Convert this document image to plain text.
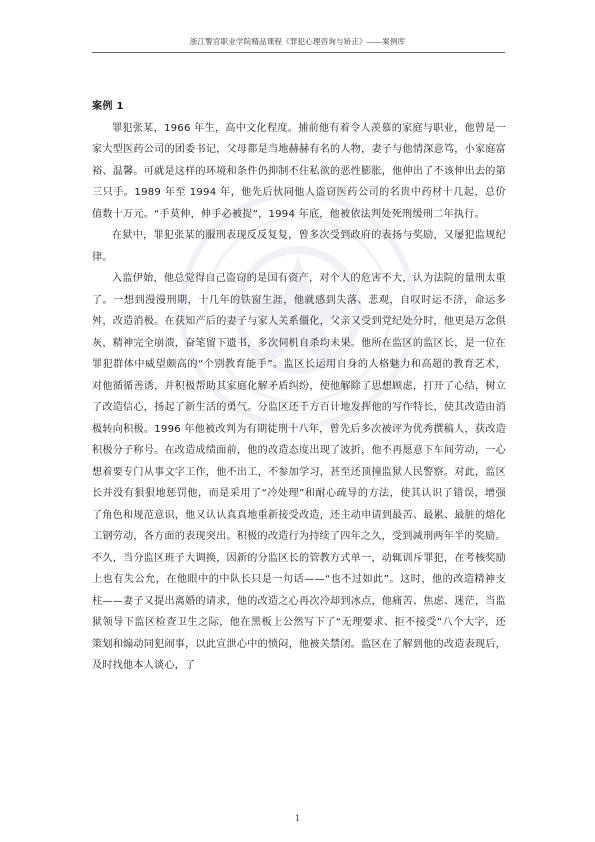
浙江警官职业学院精品课程《罪犯心理咨询与矫正》――案例库

案例 1

罪犯张某，1966 年生，高中文化程度。捕前他有着令人羡慕的家庭与职业，他曾是一家大型医药公司的团委书记，父母都是当地赫赫有名的人物，妻子与他情深意笃，小家庭富裕、温馨。可就是这样的环境和条件仍抑制不住私欲的恶性膨胀，他伸出了不该伸出去的第三只手。1989 年至 1994 年，他先后伙同他人盗窃医药公司的名贵中药材十几起，总价值数十万元。“手莫伸，伸手必被捉”，1994 年底，他被依法判处死刑缓刑二年执行。

在狱中，罪犯张某的服刑表现反反复复，曾多次受到政府的表扬与奖励，又屡犯监规纪律。

入监伊始，他总觉得自己盗窃的是国有资产，对个人的危害不大，认为法院的量刑太重了。一想到漫漫刑期，十几年的铁窗生涯，他就感到失落、悲观，自叹时运不济，命运多舛，改造消极。在获知产后的妻子与家人关系僵化，父亲又受到党纪处分时，他更是万念俱灰，精神完全崩溃，奋笔留下遗书，多次伺机自杀均未果。他所在监区的监区长，是一位在罪犯群体中威望颇高的“个别教育能手”。监区长运用自身的人格魅力和高超的教育艺术，对他循循善诱，并积极帮助其家庭化解矛盾纠纷，使他解除了思想顾虑，打开了心结，树立了改造信心，扬起了新生活的勇气。分监区还千方百计地发挥他的写作特长，使其改造由消极转向积极。1996 年他被改判为有期徒刑十八年，曾先后多次被评为优秀撰稿人，获改造积极分子称号。在改造成绩面前，他的改造态度出现了波折，他不再愿意下车间劳动，一心想着要专门从事文字工作，他不出工，不参加学习，甚至还顶撞监狱人民警察。对此，监区长并没有狠狠地惩罚他，而是采用了“冷处理”和耐心疏导的方法，使其认识了错误，增强了角色和规范意识，他又认认真真地重新接受改造，还主动申请到最苦、最累、最脏的熔化工钢劳动，各方面的表现突出。积极的改造行为持续了四年之久，受到减刑两年半的奖励。

不久，当分监区班子大调换，因新的分监区长的管教方式单一，动辄训斥罪犯，在考核奖励上也有失公允，在他眼中的中队长只是一句话——“也不过如此”。这时，他的改造精神支柱——妻子又提出离婚的请求，他的改造之心再次冷却到冰点，他痛苦、焦虑、迷茫，当监狱领导下监区检查卫生之际，他在黑板上公然写下了“无理要求、拒不接受”八个大字，还策划和煽动同犯闹事，以此宣泄心中的愤闷，他被关禁闭。监区在了解到他的改造表现后，及时找他本人谈心，了

1
